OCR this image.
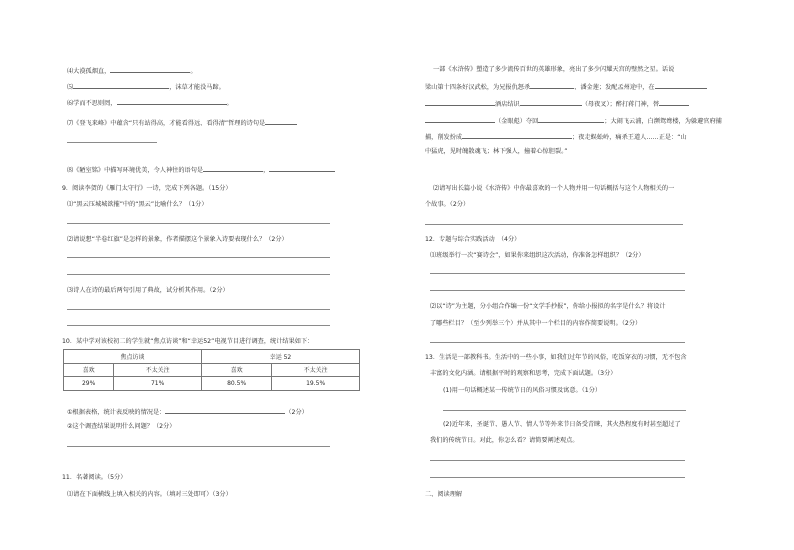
⑷大漠孤烟直，	。
⑸	，沫草才能没马蹄。
⑹学而不思则罔，	。
⑺《登飞来峰》中蕴含“只有站得高，才能看得远、看得清”哲理的诗句是
⑻《陋室铭》中描写环境优美，令人神往的语句是	，
9．阅读李贺的《雁门太守行》一诗，完成下列各题。（15分）
⑴“黑云压城城欲摧”中的“黑云”比喻什么？（1分）
⑵请说想“半卷红旗”是怎样的景象，作者描摆这个景象入诗要表现什么？（2分）
⑶诗人在诗的最后两句引用了典故，试分析其作用。（2分）
10．某中学对该校初二的学生就“焦点访谈”和“幸运52”电视节目进行调查，统计结果如下：
焦点访谈		幸运 52	
喜欢	不太关注	喜欢	不太关注
29%	71%	80.5%	19.5%
①根据表格，统计表反映的情况是：	（2分）
②这个调查结果说明什么问题？（2分）
11．名著阅读。（5分）
⑴请在下面横线上填入相关的内容。（填对三处即可）（3分）
一部《水浒传》塑造了多少流传百世的英雄形象，亮出了多少闪耀天宫的璧然之星。话说
梁山第十四条好汉武松，为兄报仇怒杀	、潘金莲；发配孟州途中，在
酒店结识	（母夜叉）；醉打蒋门神，替
（金眼彪）夺回	；大闹飞云浦，白濒鸳鸯楼，为躲避官府捕
捕，削发扮成	；夜走蜈蚣岭，痛杀王道人……正是：“山
中猛虎，见时魄散魂飞；林下强人，撞着心惊胆裂。”
⑵请写出长篇小说《水浒传》中你最喜欢的一个人物并用一句话概括与这个人物相关的一
个故事。（2分）
12．专题与综合实践活动　（4分）
⑴班级举行一次“赛诗会”，如果你来组织这次活动，你准备怎样组织？（2分）
⑵以“诗”为主题，分小组合作编一份“文学手抄报”，你给小报拟的名字是什么？将设计
了哪些栏目？（至少列举三个）并从其中一个栏目的内容作简要说明。（2分）
13．生活是一部教科书。生活中的一些小事，如我们过年节的风俗，吃饭穿衣的习惯，无不包含
丰富的文化内涵。请根据平时的观察和思考，完成下面试题。（3分）
(1)用一句话概述某一传统节日的风俗习惯及寓意。（1分）
(2)近年来，圣诞节、愚人节、情人节等外来节日备受青睐，其火热程度有时甚至超过了
我们的传统节日。对此，你怎么看？请简要阐述观点。
二、阅读理解
